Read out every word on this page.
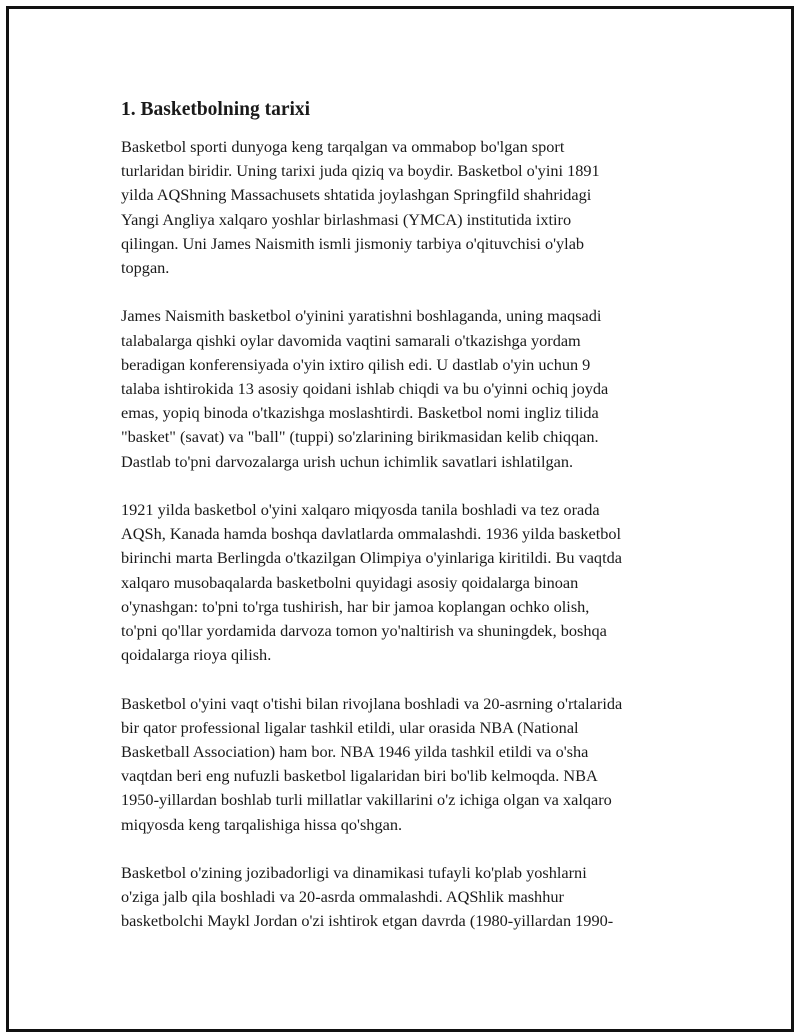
1. Basketbolning tarixi

Basketbol sporti dunyoga keng tarqalgan va ommabop bo'lgan sport
turlaridan biridir. Uning tarixi juda qiziq va boydir. Basketbol o'yini 1891
yilda AQShning Massachusets shtatida joylashgan Springfild shahridagi
Yangi Angliya xalqaro yoshlar birlashmasi (YMCA) institutida ixtiro
qilingan. Uni James Naismith ismli jismoniy tarbiya o'qituvchisi o'ylab
topgan.

James Naismith basketbol o'yinini yaratishni boshlaganda, uning maqsadi
talabalarga qishki oylar davomida vaqtini samarali o'tkazishga yordam
beradigan konferensiyada o'yin ixtiro qilish edi. U dastlab o'yin uchun 9
talaba ishtirokida 13 asosiy qoidani ishlab chiqdi va bu o'yinni ochiq joyda
emas, yopiq binoda o'tkazishga moslashtirdi. Basketbol nomi ingliz tilida
"basket" (savat) va "ball" (tuppi) so'zlarining birikmasidan kelib chiqqan.
Dastlab to'pni darvozalarga urish uchun ichimlik savatlari ishlatilgan.

1921 yilda basketbol o'yini xalqaro miqyosda tanila boshladi va tez orada
AQSh, Kanada hamda boshqa davlatlarda ommalashdi. 1936 yilda basketbol
birinchi marta Berlingda o'tkazilgan Olimpiya o'yinlariga kiritildi. Bu vaqtda
xalqaro musobaqalarda basketbolni quyidagi asosiy qoidalarga binoan
o'ynashgan: to'pni to'rga tushirish, har bir jamoa koplangan ochko olish,
to'pni qo'llar yordamida darvoza tomon yo'naltirish va shuningdek, boshqa
qoidalarga rioya qilish.

Basketbol o'yini vaqt o'tishi bilan rivojlana boshladi va 20-asrning o'rtalarida
bir qator professional ligalar tashkil etildi, ular orasida NBA (National
Basketball Association) ham bor. NBA 1946 yilda tashkil etildi va o'sha
vaqtdan beri eng nufuzli basketbol ligalaridan biri bo'lib kelmoqda. NBA
1950-yillardan boshlab turli millatlar vakillarini o'z ichiga olgan va xalqaro
miqyosda keng tarqalishiga hissa qo'shgan.

Basketbol o'zining jozibadorligi va dinamikasi tufayli ko'plab yoshlarni
o'ziga jalb qila boshladi va 20-asrda ommalashdi. AQShlik mashhur
basketbolchi Maykl Jordan o'zi ishtirok etgan davrda (1980-yillardan 1990-
